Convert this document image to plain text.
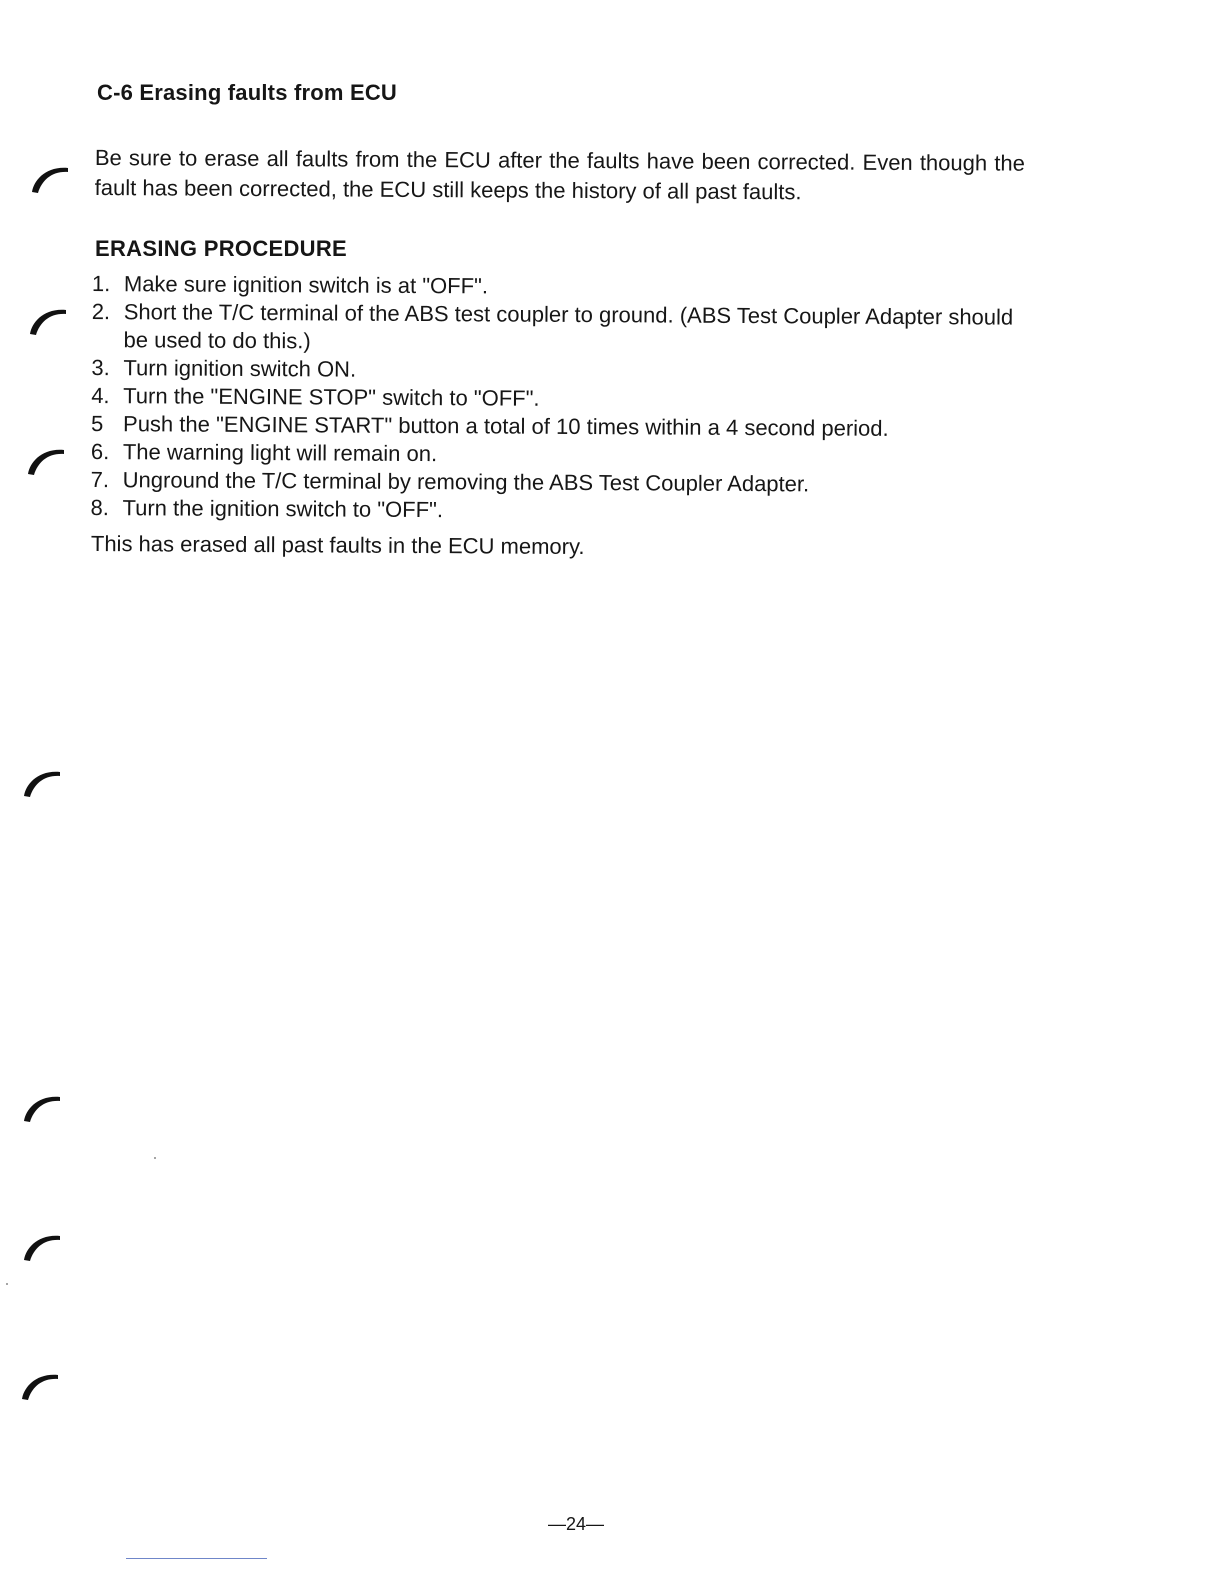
C-6 Erasing faults from ECU
Be sure to erase all faults from the ECU after the faults have been corrected. Even though the fault has been corrected, the ECU still keeps the history of all past faults.
ERASING PROCEDURE
1. Make sure ignition switch is at "OFF".
2. Short the T/C terminal of the ABS test coupler to ground. (ABS Test Coupler Adapter should be used to do this.)
3. Turn ignition switch ON.
4. Turn the "ENGINE STOP" switch to "OFF".
5 Push the "ENGINE START" button a total of 10 times within a 4 second period.
6. The warning light will remain on.
7. Unground the T/C terminal by removing the ABS Test Coupler Adapter.
8. Turn the ignition switch to "OFF".
This has erased all past faults in the ECU memory.
—24—
